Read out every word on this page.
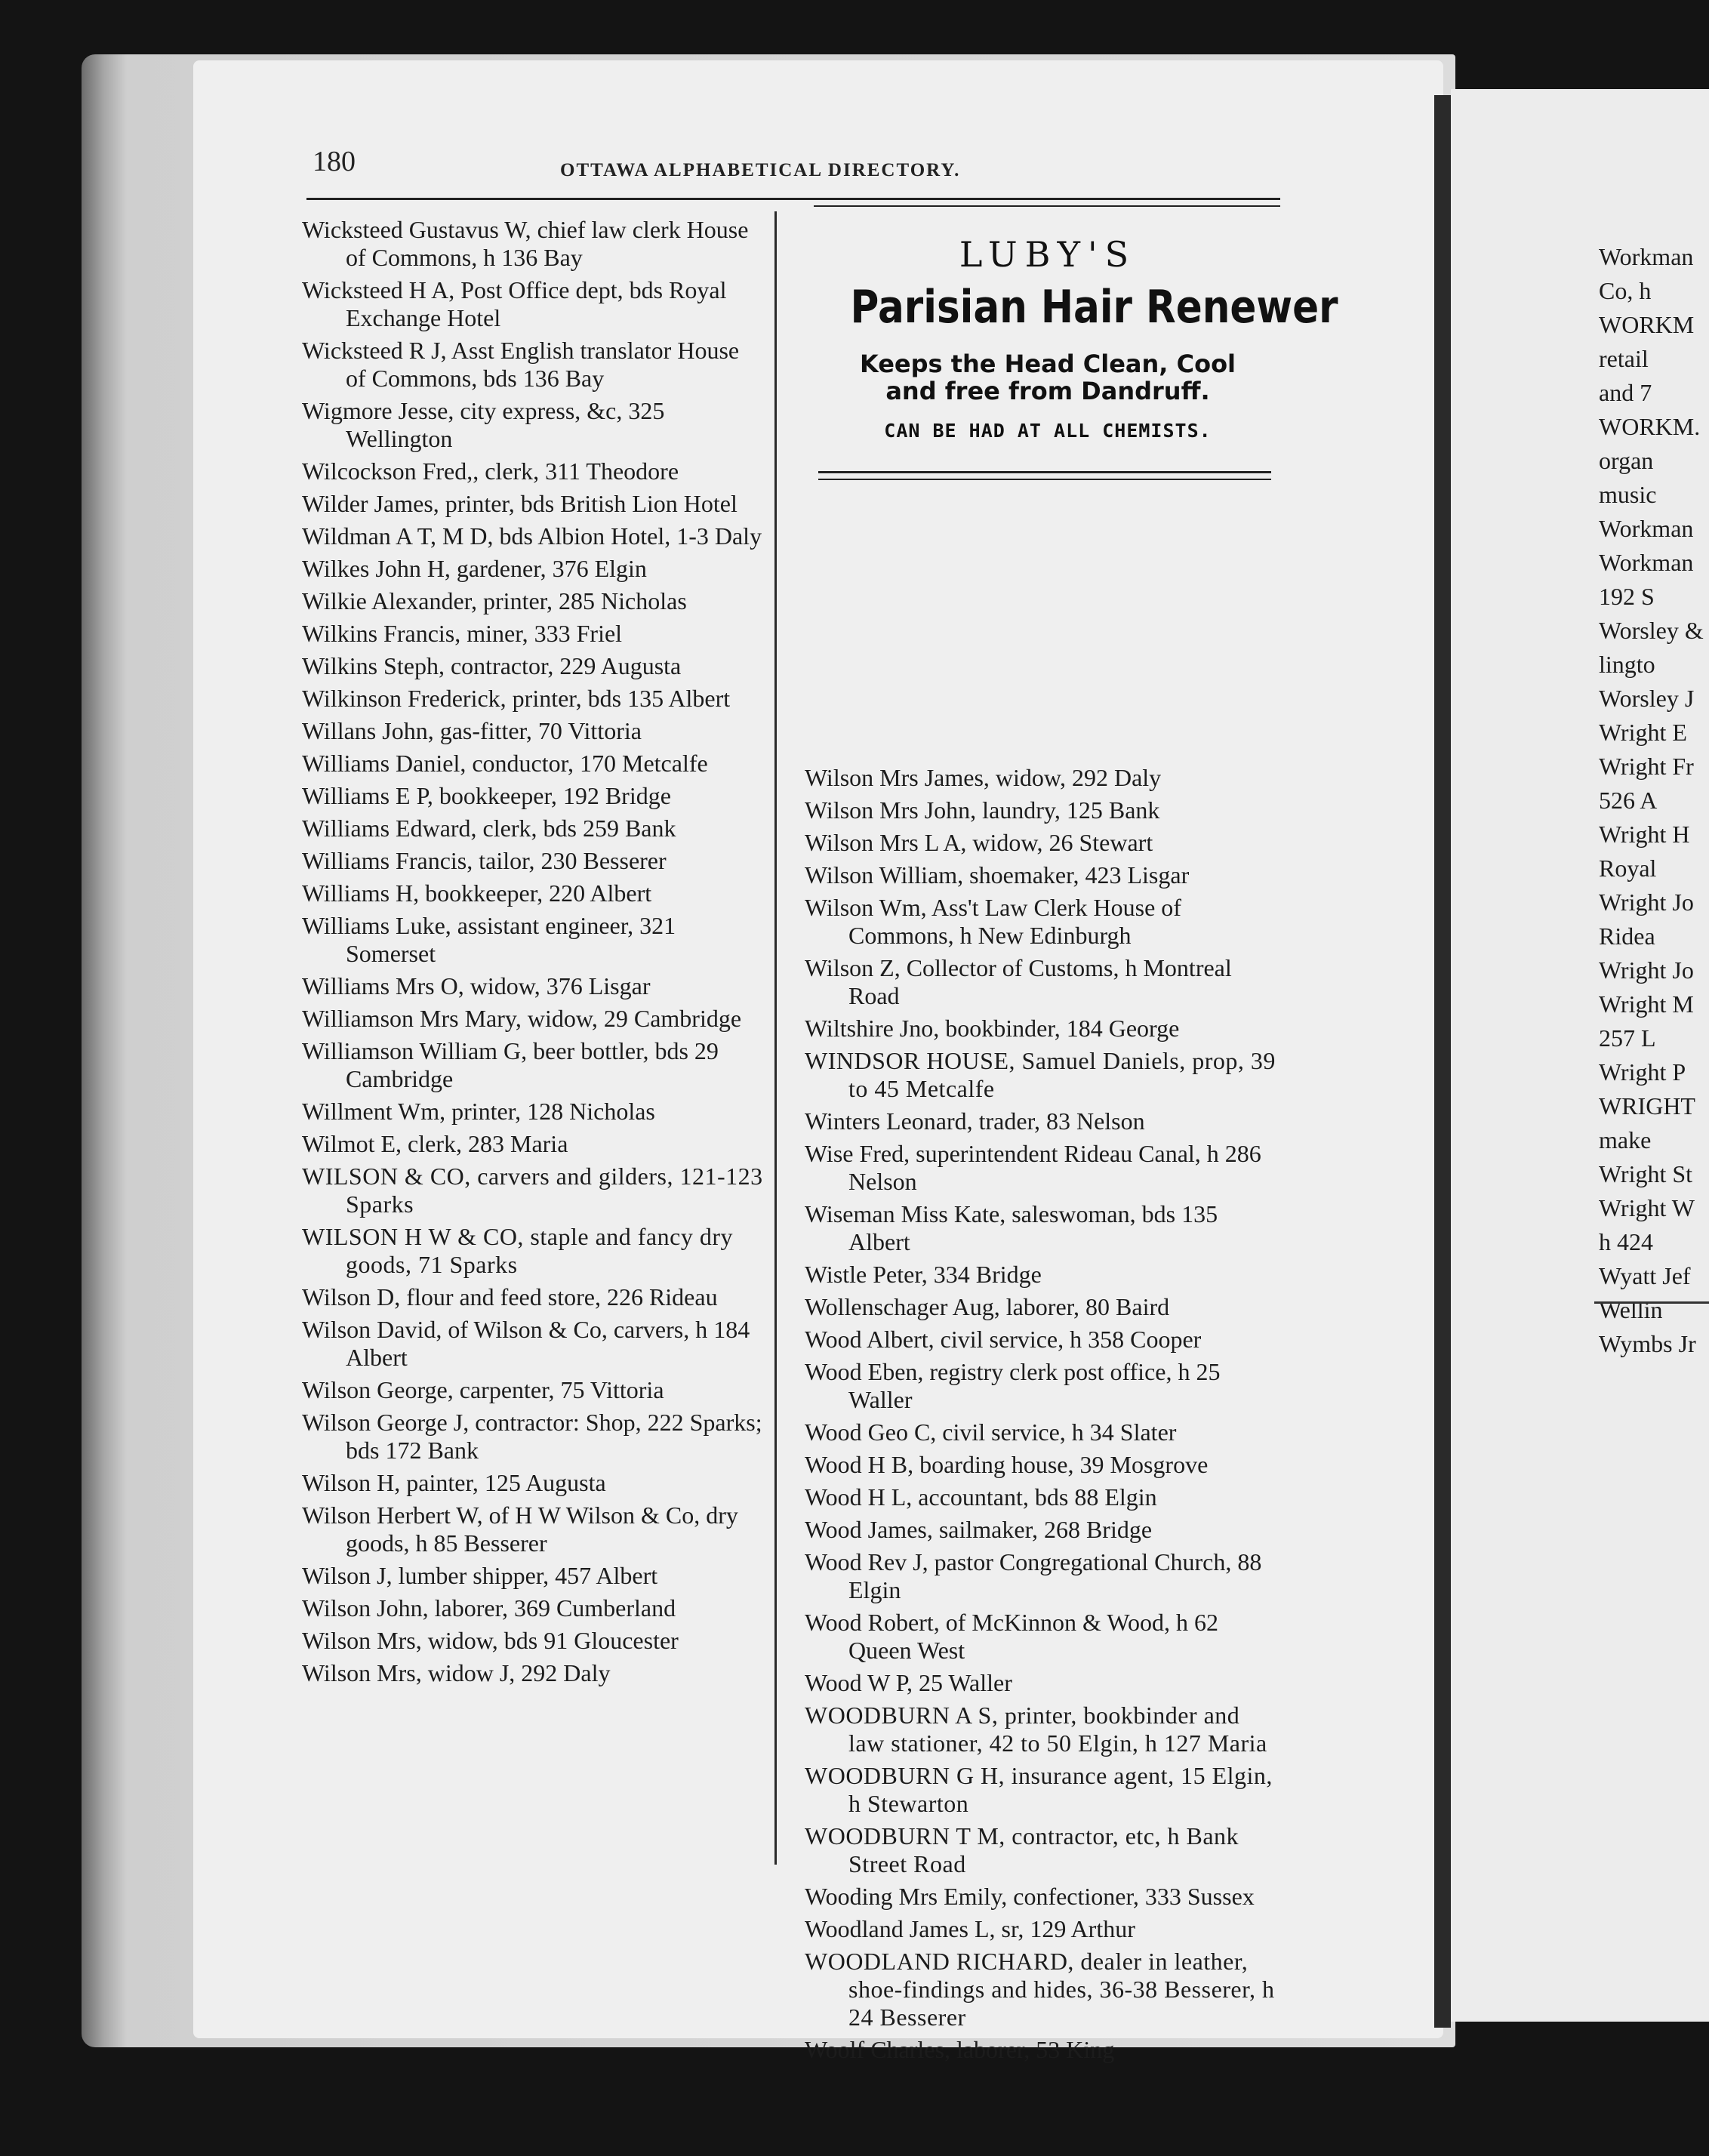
180	OTTAWA ALPHABETICAL DIRECTORY.
LUBY'S
Parisian Hair Renewer
Keeps the Head Clean, Cool
and free from Dandruff.
CAN BE HAD AT ALL CHEMISTS.
Wicksteed Gustavus W, chief law clerk House of Commons, h 136 Bay
Wicksteed H A, Post Office dept, bds Royal Exchange Hotel
Wicksteed R J, Asst English translator House of Commons, bds 136 Bay
Wigmore Jesse, city express, &c, 325 Wellington
Wilcockson Fred,, clerk, 311 Theodore
Wilder James, printer, bds British Lion Hotel
Wildman A T, M D, bds Albion Hotel, 1-3 Daly
Wilkes John H, gardener, 376 Elgin
Wilkie Alexander, printer, 285 Nicholas
Wilkins Francis, miner, 333 Friel
Wilkins Steph, contractor, 229 Augusta
Wilkinson Frederick, printer, bds 135 Albert
Willans John, gas-fitter, 70 Vittoria
Williams Daniel, conductor, 170 Metcalfe
Williams E P, bookkeeper, 192 Bridge
Williams Edward, clerk, bds 259 Bank
Williams Francis, tailor, 230 Besserer
Williams H, bookkeeper, 220 Albert
Williams Luke, assistant engineer, 321 Somerset
Williams Mrs O, widow, 376 Lisgar
Williamson Mrs Mary, widow, 29 Cambridge
Williamson William G, beer bottler, bds 29 Cambridge
Willment Wm, printer, 128 Nicholas
Wilmot E, clerk, 283 Maria
WILSON & CO, carvers and gilders, 121-123 Sparks
WILSON H W & CO, staple and fancy dry goods, 71 Sparks
Wilson D, flour and feed store, 226 Rideau
Wilson David, of Wilson & Co, carvers, h 184 Albert
Wilson George, carpenter, 75 Vittoria
Wilson George J, contractor: Shop, 222 Sparks; bds 172 Bank
Wilson H, painter, 125 Augusta
Wilson Herbert W, of H W Wilson & Co, dry goods, h 85 Besserer
Wilson J, lumber shipper, 457 Albert
Wilson John, laborer, 369 Cumberland
Wilson Mrs, widow, bds 91 Gloucester
Wilson Mrs, widow J, 292 Daly
Wilson Mrs James, widow, 292 Daly
Wilson Mrs John, laundry, 125 Bank
Wilson Mrs L A, widow, 26 Stewart
Wilson William, shoemaker, 423 Lisgar
Wilson Wm, Ass't Law Clerk House of Commons, h New Edinburgh
Wilson Z, Collector of Customs, h Montreal Road
Wiltshire Jno, bookbinder, 184 George
WINDSOR HOUSE, Samuel Daniels, prop, 39 to 45 Metcalfe
Winters Leonard, trader, 83 Nelson
Wise Fred, superintendent Rideau Canal, h 286 Nelson
Wiseman Miss Kate, saleswoman, bds 135 Albert
Wistle Peter, 334 Bridge
Wollenschager Aug, laborer, 80 Baird
Wood Albert, civil service, h 358 Cooper
Wood Eben, registry clerk post office, h 25 Waller
Wood Geo C, civil service, h 34 Slater
Wood H B, boarding house, 39 Mosgrove
Wood H L, accountant, bds 88 Elgin
Wood James, sailmaker, 268 Bridge
Wood Rev J, pastor Congregational Church, 88 Elgin
Wood Robert, of McKinnon & Wood, h 62 Queen West
Wood W P, 25 Waller
WOODBURN A S, printer, bookbinder and law stationer, 42 to 50 Elgin, h 127 Maria
WOODBURN G H, insurance agent, 15 Elgin, h Stewarton
WOODBURN T M, contractor, etc, h Bank Street Road
Wooding Mrs Emily, confectioner, 333 Sussex
Woodland James L, sr, 129 Arthur
WOODLAND RICHARD, dealer in leather, shoe-findings and hides, 36-38 Besserer, h 24 Besserer
Woolf Charles, laborer, 53 King
Workman
Co, h
WORKM
retail
and 7
WORKM.
organ
music
Workman
Workman
192 S
Worsley &
lingto
Worsley J
Wright E
Wright Fr
526 A
Wright H
Royal
Wright Jo
Ridea
Wright Jo
Wright M
257 L
Wright P
WRIGHT
make
Wright St
Wright W
h 424
Wyatt Jef
Wellin
Wymbs Jr
